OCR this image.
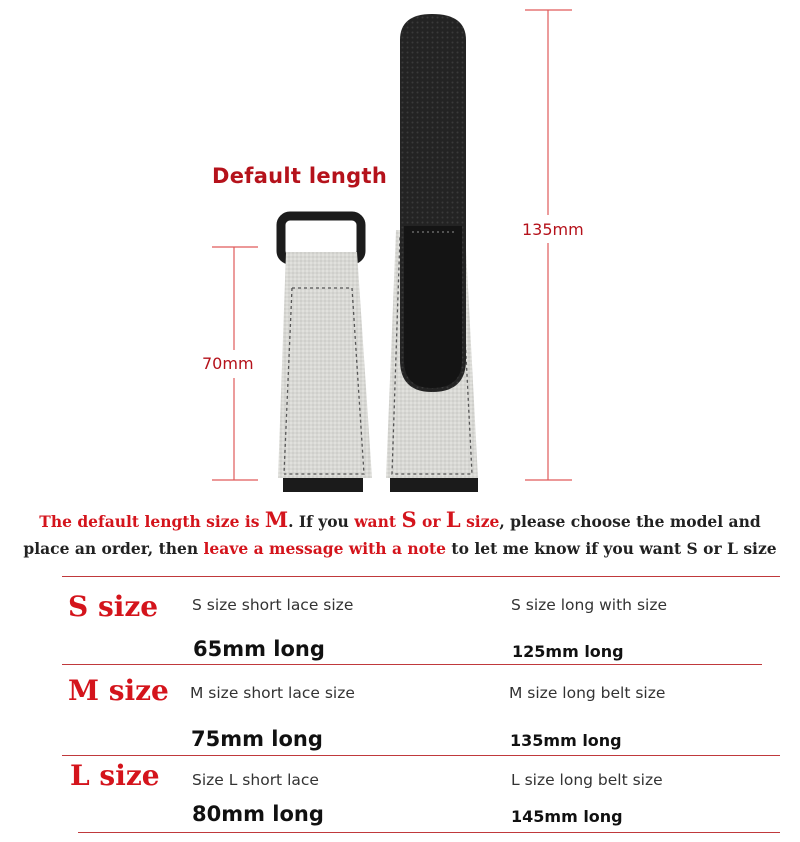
Default length
135mm
70mm
The default length size is M. If you want S or L size, please choose the model and
place an order, then leave a message with a note to let me know if you want S or L size
S size S size short lace size	S size long with size
65mm long	125mm long
M size M size short lace size	M size long belt size
75mm long	135mm long
L size Size L short lace	L size long belt size
80mm long	145mm long
